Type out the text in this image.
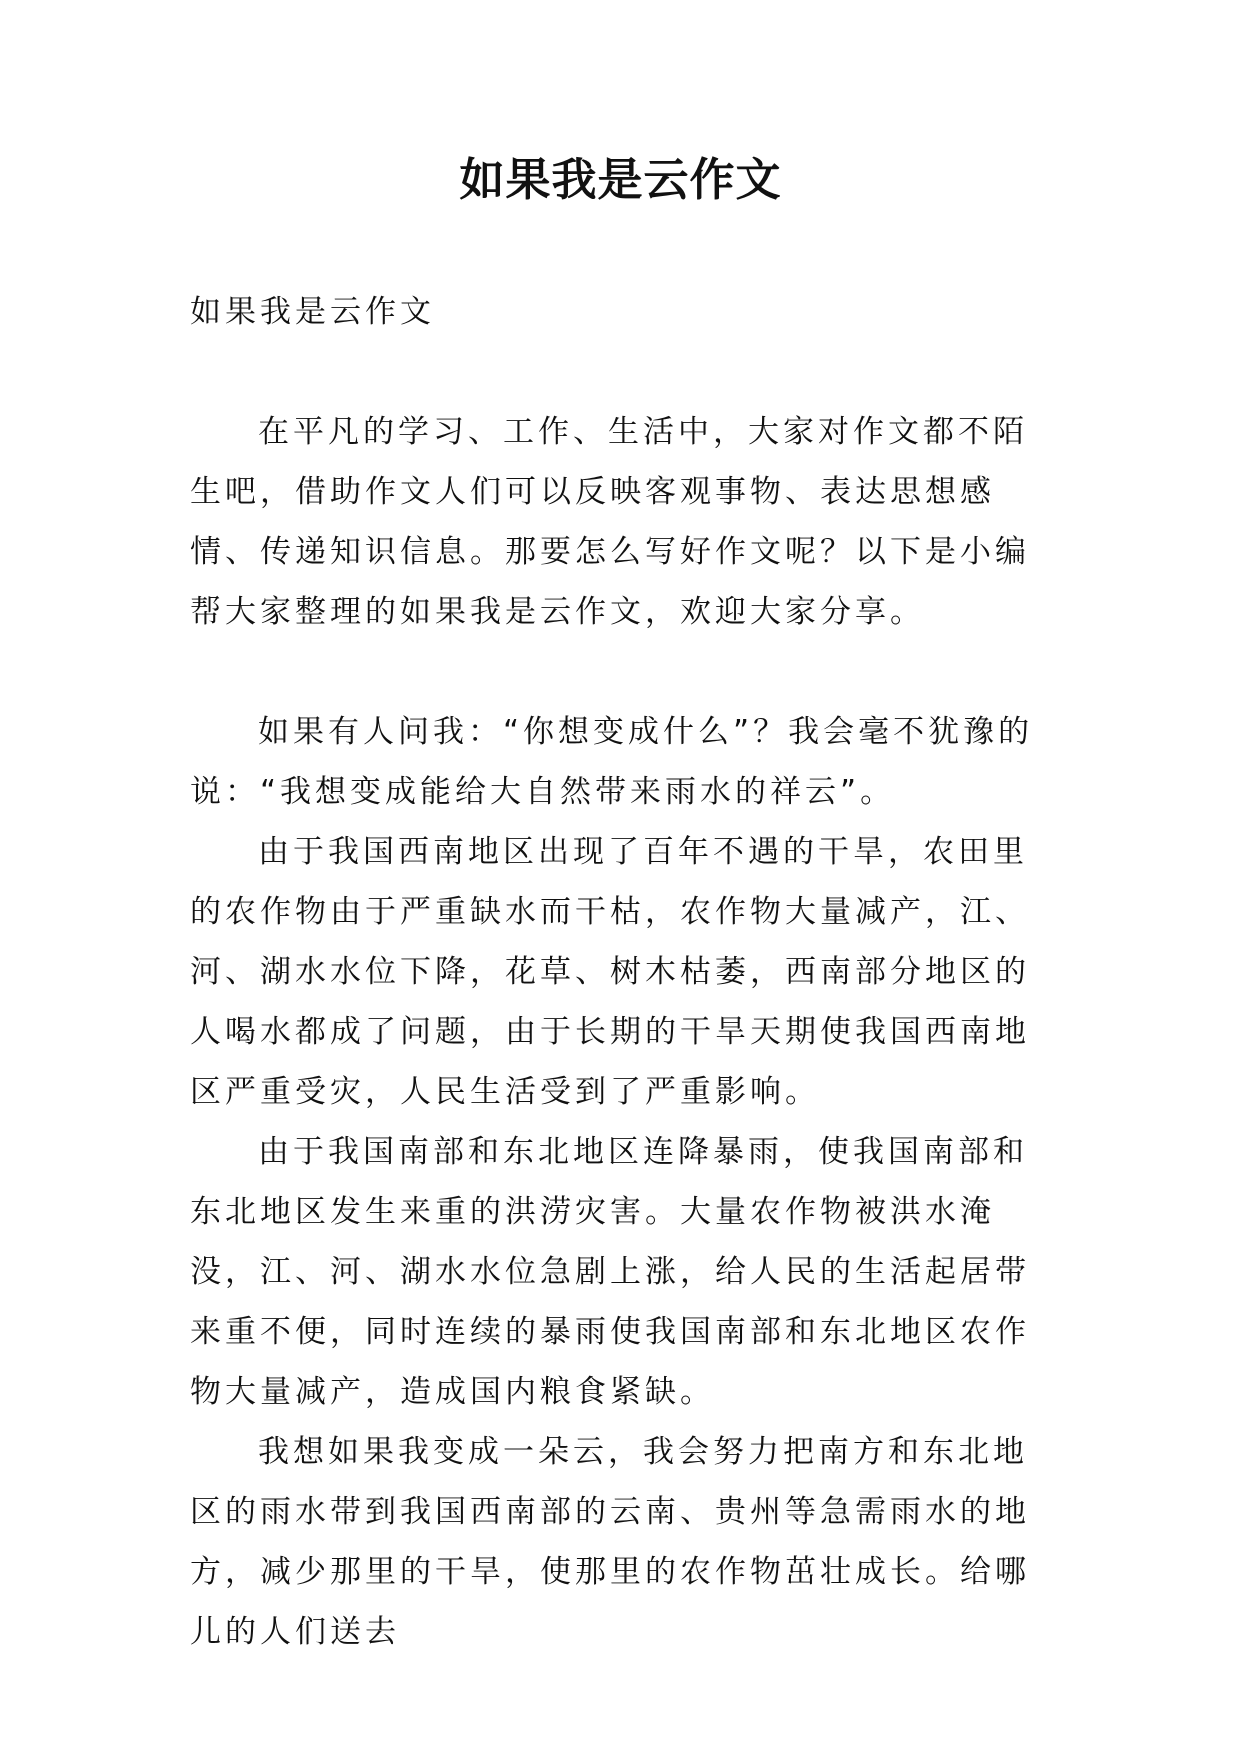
如果我是云作文

如果我是云作文

在平凡的学习、工作、生活中，大家对作文都不陌生吧，借助作文人们可以反映客观事物、表达思想感情、传递知识信息。那要怎么写好作文呢？以下是小编帮大家整理的如果我是云作文，欢迎大家分享。

如果有人问我：“你想变成什么”？我会毫不犹豫的说：“我想变成能给大自然带来雨水的祥云”。

由于我国西南地区出现了百年不遇的干旱，农田里的农作物由于严重缺水而干枯，农作物大量减产，江、河、湖水水位下降，花草、树木枯萎，西南部分地区的人喝水都成了问题，由于长期的干旱天期使我国西南地区严重受灾，人民生活受到了严重影响。

由于我国南部和东北地区连降暴雨，使我国南部和东北地区发生来重的洪涝灾害。大量农作物被洪水淹没，江、河、湖水水位急剧上涨，给人民的生活起居带来重不便，同时连续的暴雨使我国南部和东北地区农作物大量减产，造成国内粮食紧缺。

我想如果我变成一朵云，我会努力把南方和东北地区的雨水带到我国西南部的云南、贵州等急需雨水的地方，减少那里的干旱，使那里的农作物茁壮成长。给哪儿的人们送去
